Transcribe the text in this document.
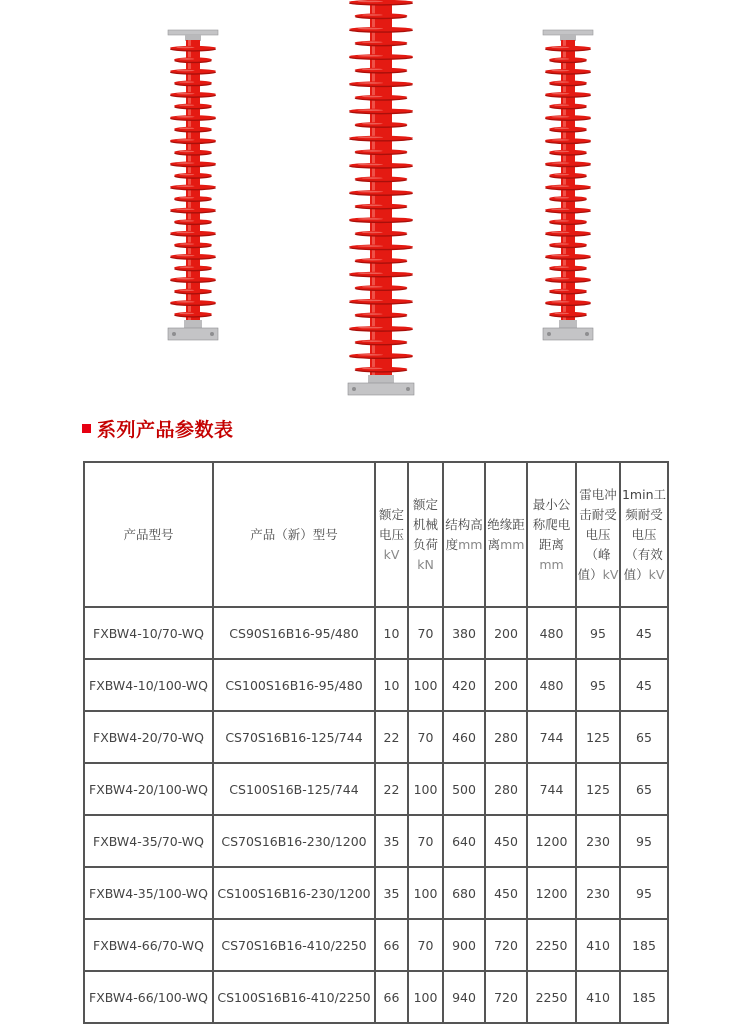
系列产品参数表
产品型号	产品（新）型号	额定电压kV	额定机械负荷kN	结构高度mm	绝缘距离mm	最小公称爬电距离mm	雷电冲击耐受电压（峰值）kV	1min工频耐受电压（有效值）kV
FXBW4-10/70-WQ	CS90S16B16-95/480	10	70	380	200	480	95	45
FXBW4-10/100-WQ	CS100S16B16-95/480	10	100	420	200	480	95	45
FXBW4-20/70-WQ	CS70S16B16-125/744	22	70	460	280	744	125	65
FXBW4-20/100-WQ	CS100S16B-125/744	22	100	500	280	744	125	65
FXBW4-35/70-WQ	CS70S16B16-230/1200	35	70	640	450	1200	230	95
FXBW4-35/100-WQ	CS100S16B16-230/1200	35	100	680	450	1200	230	95
FXBW4-66/70-WQ	CS70S16B16-410/2250	66	70	900	720	2250	410	185
FXBW4-66/100-WQ	CS100S16B16-410/2250	66	100	940	720	2250	410	185
